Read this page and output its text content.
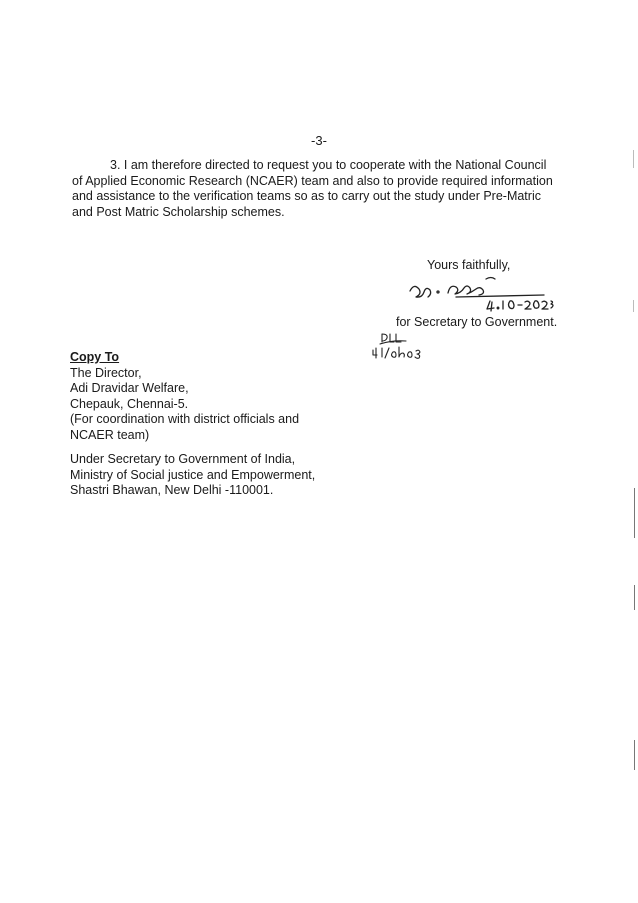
-3-
3. I am therefore directed to request you to cooperate with the National Council
of Applied Economic Research (NCAER) team and also to provide required information
and assistance to the verification teams so as to carry out the study under Pre-Matric
and Post Matric Scholarship schemes.
Yours faithfully,
for Secretary to Government.
Copy To
The Director,
Adi Dravidar Welfare,
Chepauk, Chennai-5.
(For coordination with district officials and
NCAER team)
Under Secretary to Government of India,
Ministry of Social justice and Empowerment,
Shastri Bhawan, New Delhi -110001.
